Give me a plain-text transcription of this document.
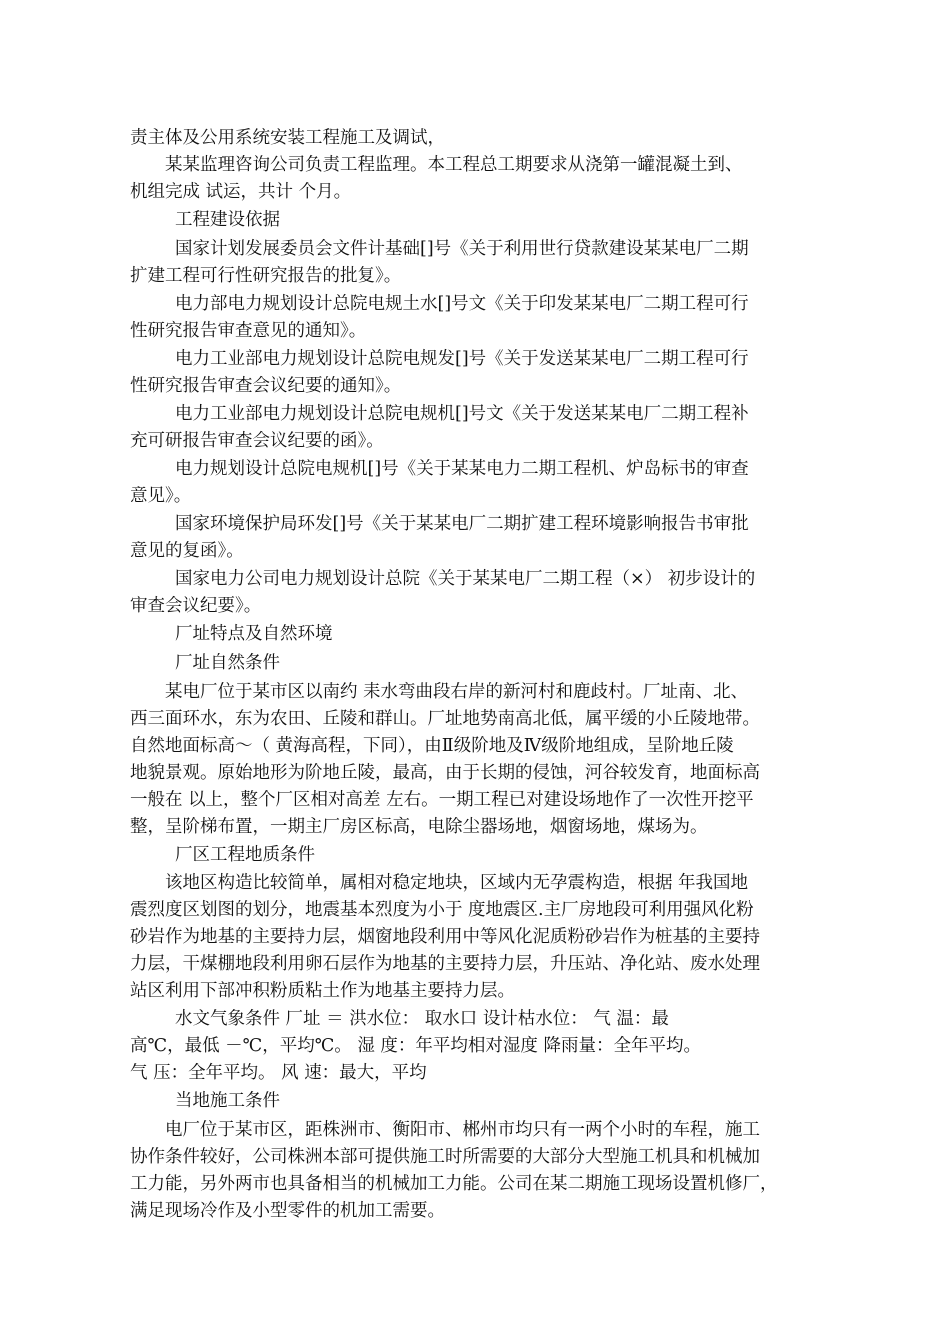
责主体及公用系统安装工程施工及调试，
某某监理咨询公司负责工程监理。本工程总工期要求从浇第一罐混凝土到、
机组完成 试运，共计 个月。
工程建设依据
国家计划发展委员会文件计基础[]号《关于利用世行贷款建设某某电厂二期
扩建工程可行性研究报告的批复》。
电力部电力规划设计总院电规土水[]号文《关于印发某某电厂二期工程可行
性研究报告审查意见的通知》。
电力工业部电力规划设计总院电规发[]号《关于发送某某电厂二期工程可行
性研究报告审查会议纪要的通知》。
电力工业部电力规划设计总院电规机[]号文《关于发送某某电厂二期工程补
充可研报告审查会议纪要的函》。
电力规划设计总院电规机[]号《关于某某电力二期工程机、炉岛标书的审查
意见》。
国家环境保护局环发[]号《关于某某电厂二期扩建工程环境影响报告书审批
意见的复函》。
国家电力公司电力规划设计总院《关于某某电厂二期工程（×） 初步设计的
审查会议纪要》。
厂址特点及自然环境
厂址自然条件
某电厂位于某市区以南约 耒水弯曲段右岸的新河村和鹿歧村。厂址南、北、
西三面环水，东为农田、丘陵和群山。厂址地势南高北低，属平缓的小丘陵地带。
自然地面标高～（ 黄海高程，下同），由Ⅱ级阶地及Ⅳ级阶地组成，呈阶地丘陵
地貌景观。原始地形为阶地丘陵，最高，由于长期的侵蚀，河谷较发育，地面标高
一般在 以上，整个厂区相对高差 左右。一期工程已对建设场地作了一次性开挖平
整，呈阶梯布置，一期主厂房区标高，电除尘器场地，烟窗场地，煤场为。
厂区工程地质条件
该地区构造比较简单，属相对稳定地块，区域内无孕震构造，根据 年我国地
震烈度区划图的划分，地震基本烈度为小于 度地震区.主厂房地段可利用强风化粉
砂岩作为地基的主要持力层，烟窗地段利用中等风化泥质粉砂岩作为桩基的主要持
力层，干煤棚地段利用卵石层作为地基的主要持力层，升压站、净化站、废水处理
站区利用下部冲积粉质粘土作为地基主要持力层。
水文气象条件 厂址 ＝ 洪水位： 取水口 设计枯水位： 气 温：最
高℃，最低 －℃，平均℃。 湿 度：年平均相对湿度 降雨量：全年平均。
气 压：全年平均。 风 速：最大，平均
当地施工条件
电厂位于某市区，距株洲市、衡阳市、郴州市均只有一两个小时的车程，施工
协作条件较好，公司株洲本部可提供施工时所需要的大部分大型施工机具和机械加
工力能，另外两市也具备相当的机械加工力能。公司在某二期施工现场设置机修厂，
满足现场冷作及小型零件的机加工需要。
